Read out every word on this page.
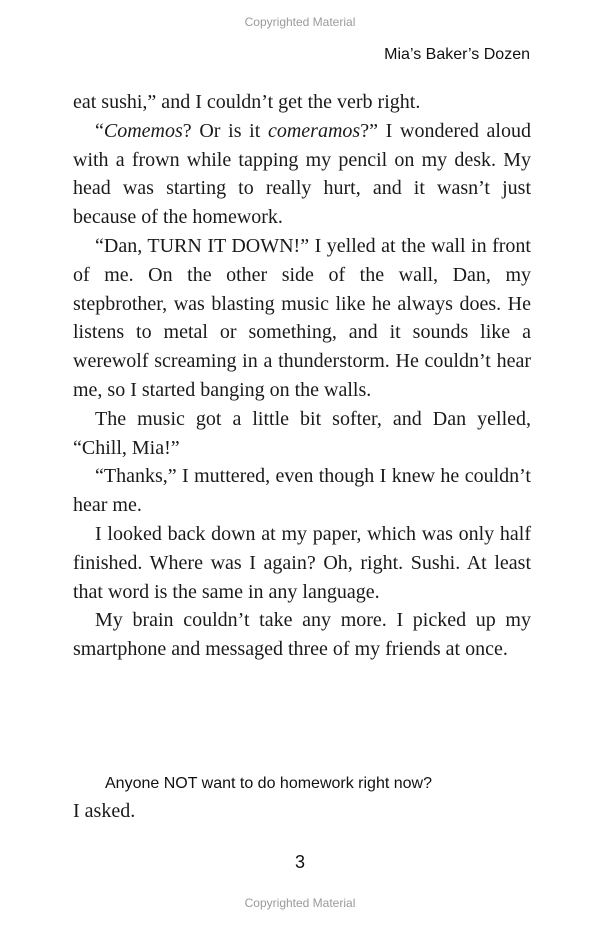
Copyrighted Material
Mia’s Baker’s Dozen

eat sushi,” and I couldn’t get the verb right.

“Comemos? Or is it comeramos?” I wondered aloud with a frown while tapping my pencil on my desk. My head was starting to really hurt, and it wasn’t just because of the homework.

“Dan, TURN IT DOWN!” I yelled at the wall in front of me. On the other side of the wall, Dan, my stepbrother, was blasting music like he always does. He listens to metal or something, and it sounds like a werewolf screaming in a thunderstorm. He couldn’t hear me, so I started banging on the walls.

The music got a little bit softer, and Dan yelled, “Chill, Mia!”

“Thanks,” I muttered, even though I knew he couldn’t hear me.

I looked back down at my paper, which was only half finished. Where was I again? Oh, right. Sushi. At least that word is the same in any language.

My brain couldn’t take any more. I picked up my smartphone and messaged three of my friends at once.

Anyone NOT want to do homework right now?
I asked.
3
Copyrighted Material
